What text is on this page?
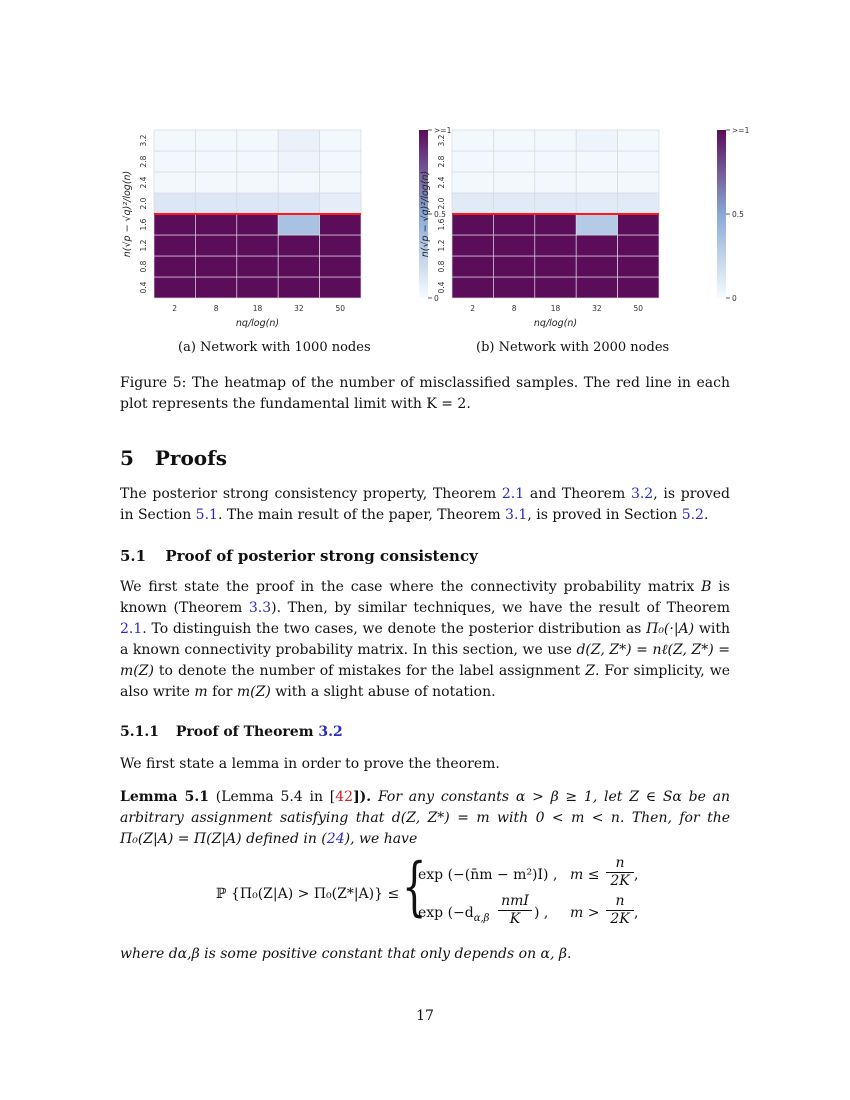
2	8	18	32	50
0.4
0.8
1.2
1.6
2.0
2.4
2.8
3.2
nq/log(n)
n(√p − √q)²/log(n)
0
0.5
>=1
2	8	18	32	50
0.4
0.8
1.2
1.6
2.0
2.4
2.8
3.2
nq/log(n)
n(√p − √q)²/log(n)
0
0.5
>=1
(a) Network with 1000 nodes	(b) Network with 2000 nodes
Figure 5: The heatmap of the number of misclassified samples. The red line in each plot represents the fundamental limit with K = 2.
5 Proofs

The posterior strong consistency property, Theorem 2.1 and Theorem 3.2, is proved in Section 5.1. The main result of the paper, Theorem 3.1, is proved in Section 5.2.

5.1 Proof of posterior strong consistency

We first state the proof in the case where the connectivity probability matrix B is known (Theorem 3.3). Then, by similar techniques, we have the result of Theorem 2.1. To distinguish the two cases, we denote the posterior distribution as Π₀(·|A) with a known connectivity probability matrix. In this section, we use d(Z, Z*) = nℓ(Z, Z*) = m(Z) to denote the number of mistakes for the label assignment Z. For simplicity, we also write m for m(Z) with a slight abuse of notation.

5.1.1 Proof of Theorem 3.2
We first state a lemma in order to prove the theorem.

Lemma 5.1 (Lemma 5.4 in [42]). For any constants α > β ≥ 1, let Z ∈ Sα be an arbitrary assignment satisfying that d(Z, Z*) = m with 0 < m < n. Then, for the Π₀(Z|A) = Π(Z|A) defined in (24), we have

ℙ {Π₀(Z|A) > Π₀(Z*|A)} ≤ {
exp (−(n̄m − m²)I) , $m \le \frac{n}{2K}$ ,
$\exp (-d_{\alpha,\beta}$
nmI
K ) , $m > \frac{n}{2K}$ ,
where dα,β is some positive constant that only depends on α, β.
17
